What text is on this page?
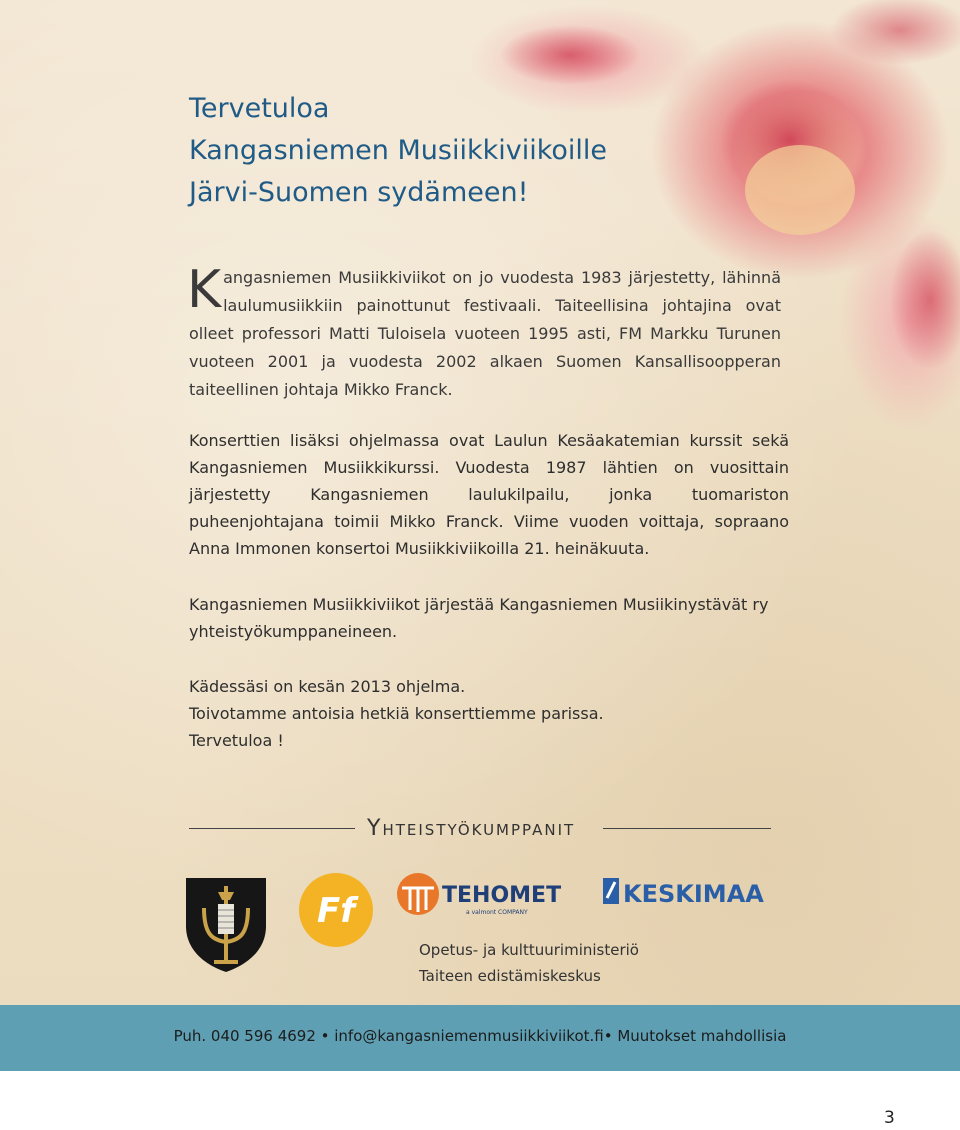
Tervetuloa
Kangasniemen Musiikkiviikoille
Järvi-Suomen sydämeen!

Kangasniemen Musiikkiviikot on jo vuodesta 1983 järjestetty, lähinnä laulumusiikkiin painottunut festivaali. Taiteellisina johtajina ovat olleet professori Matti Tuloisela vuoteen 1995 asti, FM Markku Turunen vuoteen 2001 ja vuodesta 2002 alkaen Suomen Kansallisoopperan taiteellinen johtaja Mikko Franck.

Konserttien lisäksi ohjelmassa ovat Laulun Kesäakatemian kurssit sekä Kangasniemen Musiikkikurssi. Vuodesta 1987 lähtien on vuosittain järjestetty Kangasniemen laulukilpailu, jonka tuomariston puheenjohtajana toimii Mikko Franck. Viime vuoden voittaja, sopraano Anna Immonen konsertoi Musiikkiviikoilla 21. heinäkuuta.

Kangasniemen Musiikkiviikot järjestää Kangasniemen Musiikinystävät ry yhteistyökumppaneineen.

Kädessäsi on kesän 2013 ohjelma.
Toivotamme antoisia hetkiä konserttiemme parissa.
Tervetuloa !

YHTEISTYÖKUMPPANIT
Ff	TEHOMET
a valmont COMPANY
KESKIMAA
Opetus- ja kulttuuriministeriö
Taiteen edistämiskeskus
Puh. 040 596 4692 • info@kangasniemenmusiikkiviikot.fi• Muutokset mahdollisia
3
